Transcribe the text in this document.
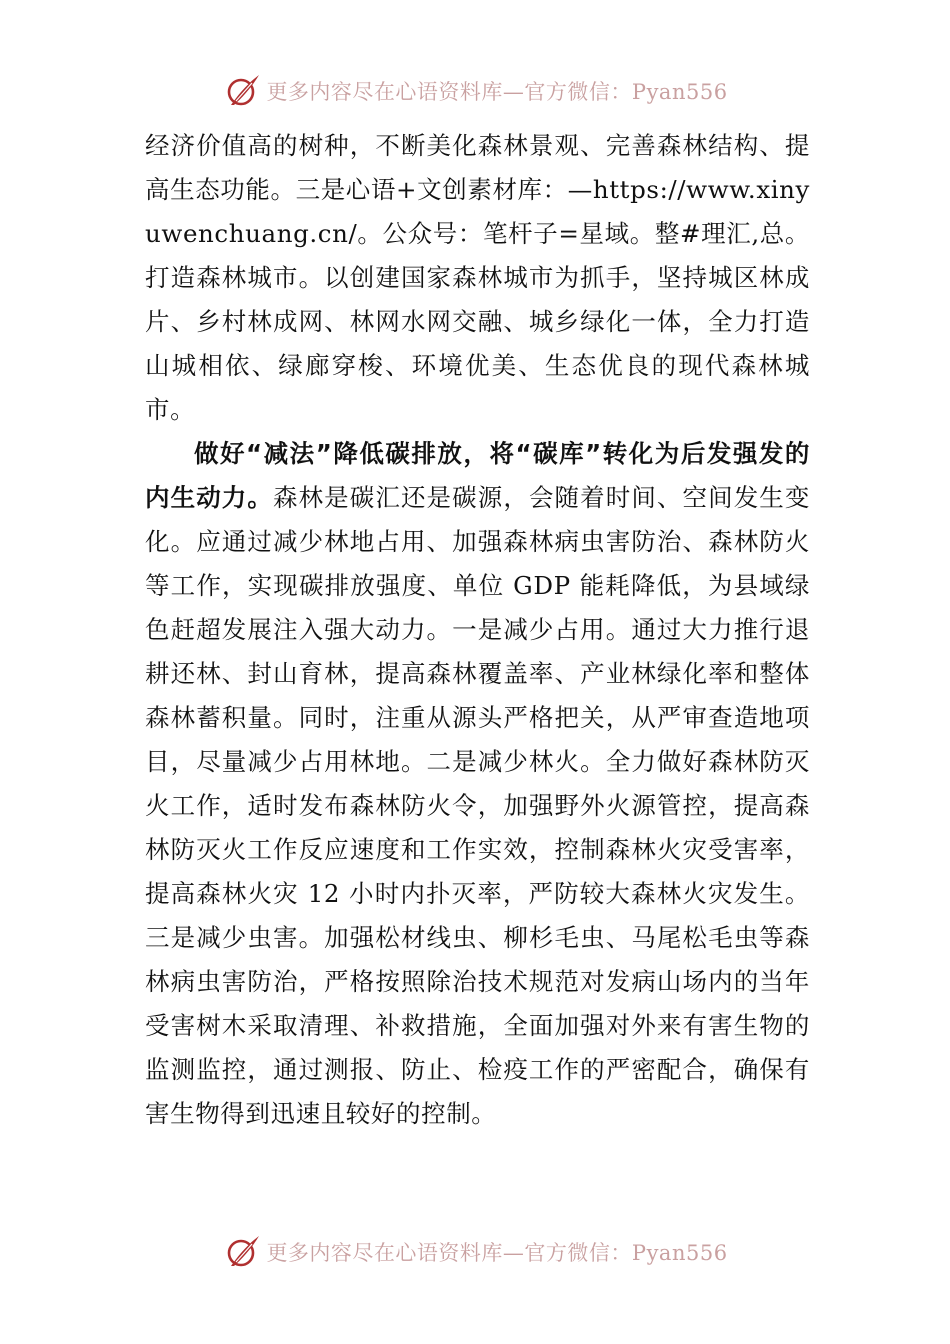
更多内容尽在心语资料库—官方微信：Pyan556

经济价值高的树种，不断美化森林景观、完善森林结构、提高生态功能。三是心语+文创素材库：—https://www.xinyuwenchuang.cn/。公众号：笔杆子=星域。整#理汇,总。打造森林城市。以创建国家森林城市为抓手，坚持城区林成片、乡村林成网、林网水网交融、城乡绿化一体，全力打造山城相依、绿廊穿梭、环境优美、生态优良的现代森林城市。

做好“减法”降低碳排放，将“碳库”转化为后发强发的内生动力。森林是碳汇还是碳源，会随着时间、空间发生变化。应通过减少林地占用、加强森林病虫害防治、森林防火等工作，实现碳排放强度、单位 GDP 能耗降低，为县域绿色赶超发展注入强大动力。一是减少占用。通过大力推行退耕还林、封山育林，提高森林覆盖率、产业林绿化率和整体森林蓄积量。同时，注重从源头严格把关，从严审查造地项目，尽量减少占用林地。二是减少林火。全力做好森林防灭火工作，适时发布森林防火令，加强野外火源管控，提高森林防灭火工作反应速度和工作实效，控制森林火灾受害率，提高森林火灾 12 小时内扑灭率，严防较大森林火灾发生。三是减少虫害。加强松材线虫、柳杉毛虫、马尾松毛虫等森林病虫害防治，严格按照除治技术规范对发病山场内的当年受害树木采取清理、补救措施，全面加强对外来有害生物的监测监控，通过测报、防止、检疫工作的严密配合，确保有害生物得到迅速且较好的控制。

更多内容尽在心语资料库—官方微信：Pyan556
